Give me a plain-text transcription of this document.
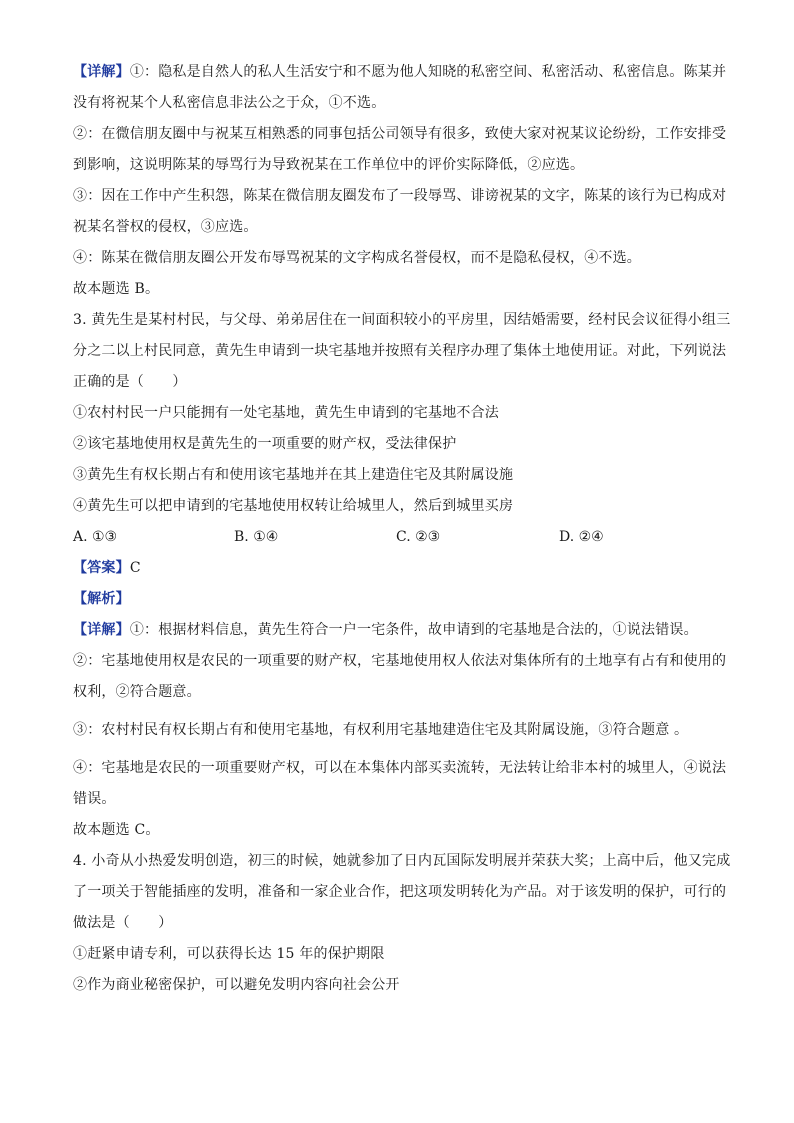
【详解】①：隐私是自然人的私人生活安宁和不愿为他人知晓的私密空间、私密活动、私密信息。陈某并
没有将祝某个人私密信息非法公之于众，①不选。
②：在微信朋友圈中与祝某互相熟悉的同事包括公司领导有很多，致使大家对祝某议论纷纷，工作安排受
到影响，这说明陈某的辱骂行为导致祝某在工作单位中的评价实际降低，②应选。
③：因在工作中产生积怨，陈某在微信朋友圈发布了一段辱骂、诽谤祝某的文字，陈某的该行为已构成对
祝某名誉权的侵权，③应选。
④：陈某在微信朋友圈公开发布辱骂祝某的文字构成名誉侵权，而不是隐私侵权，④不选。
故本题选 B。
3. 黄先生是某村村民，与父母、弟弟居住在一间面积较小的平房里，因结婚需要，经村民会议征得小组三
分之二以上村民同意，黄先生申请到一块宅基地并按照有关程序办理了集体土地使用证。对此，下列说法
正确的是（　　）
①农村村民一户只能拥有一处宅基地，黄先生申请到的宅基地不合法
②该宅基地使用权是黄先生的一项重要的财产权，受法律保护
③黄先生有权长期占有和使用该宅基地并在其上建造住宅及其附属设施
④黄先生可以把申请到的宅基地使用权转让给城里人，然后到城里买房
A. ①③	B. ①④	C. ②③	D. ②④
【答案】C
【解析】
【详解】①：根据材料信息，黄先生符合一户一宅条件，故申请到的宅基地是合法的，①说法错误。
②：宅基地使用权是农民的一项重要的财产权，宅基地使用权人依法对集体所有的土地享有占有和使用的
权利，②符合题意。
③：农村村民有权长期占有和使用宅基地，有权利用宅基地建造住宅及其附属设施，③符合题意 。
④：宅基地是农民的一项重要财产权，可以在本集体内部买卖流转，无法转让给非本村的城里人，④说法
错误。
故本题选 C。
4. 小奇从小热爱发明创造，初三的时候，她就参加了日内瓦国际发明展并荣获大奖；上高中后，他又完成
了一项关于智能插座的发明，准备和一家企业合作，把这项发明转化为产品。对于该发明的保护，可行的
做法是（　　）
①赶紧申请专利，可以获得长达 15 年的保护期限
②作为商业秘密保护，可以避免发明内容向社会公开
